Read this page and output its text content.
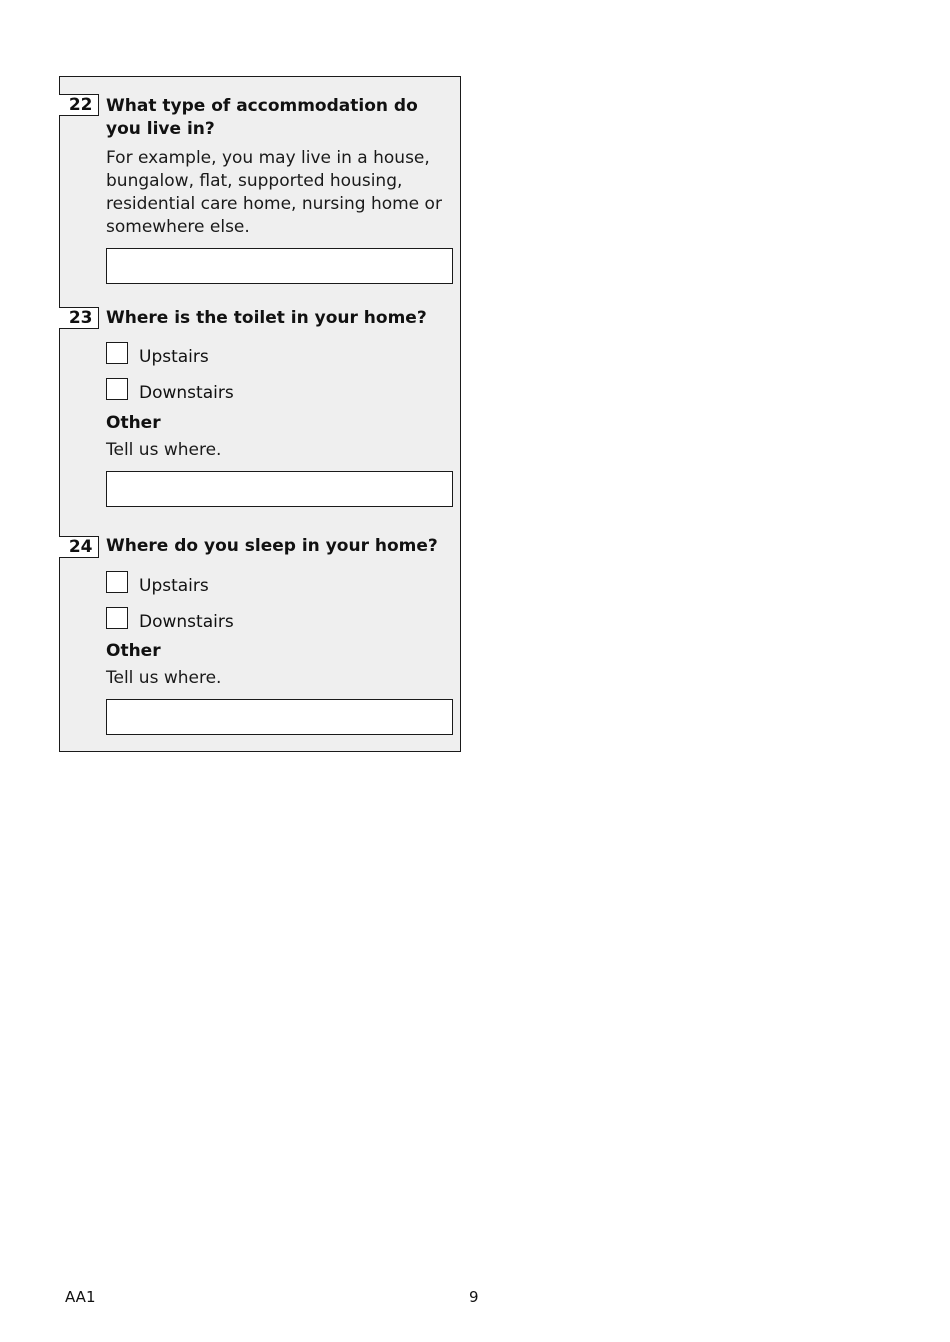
22 What type of accommodation do you live in?

For example, you may live in a house, bungalow, flat, supported housing, residential care home, nursing home or somewhere else.

23 Where is the toilet in your home?
Upstairs
Downstairs
Other
Tell us where.
24 Where do you sleep in your home?
Upstairs
Downstairs
Other
Tell us where.
AA1	9
